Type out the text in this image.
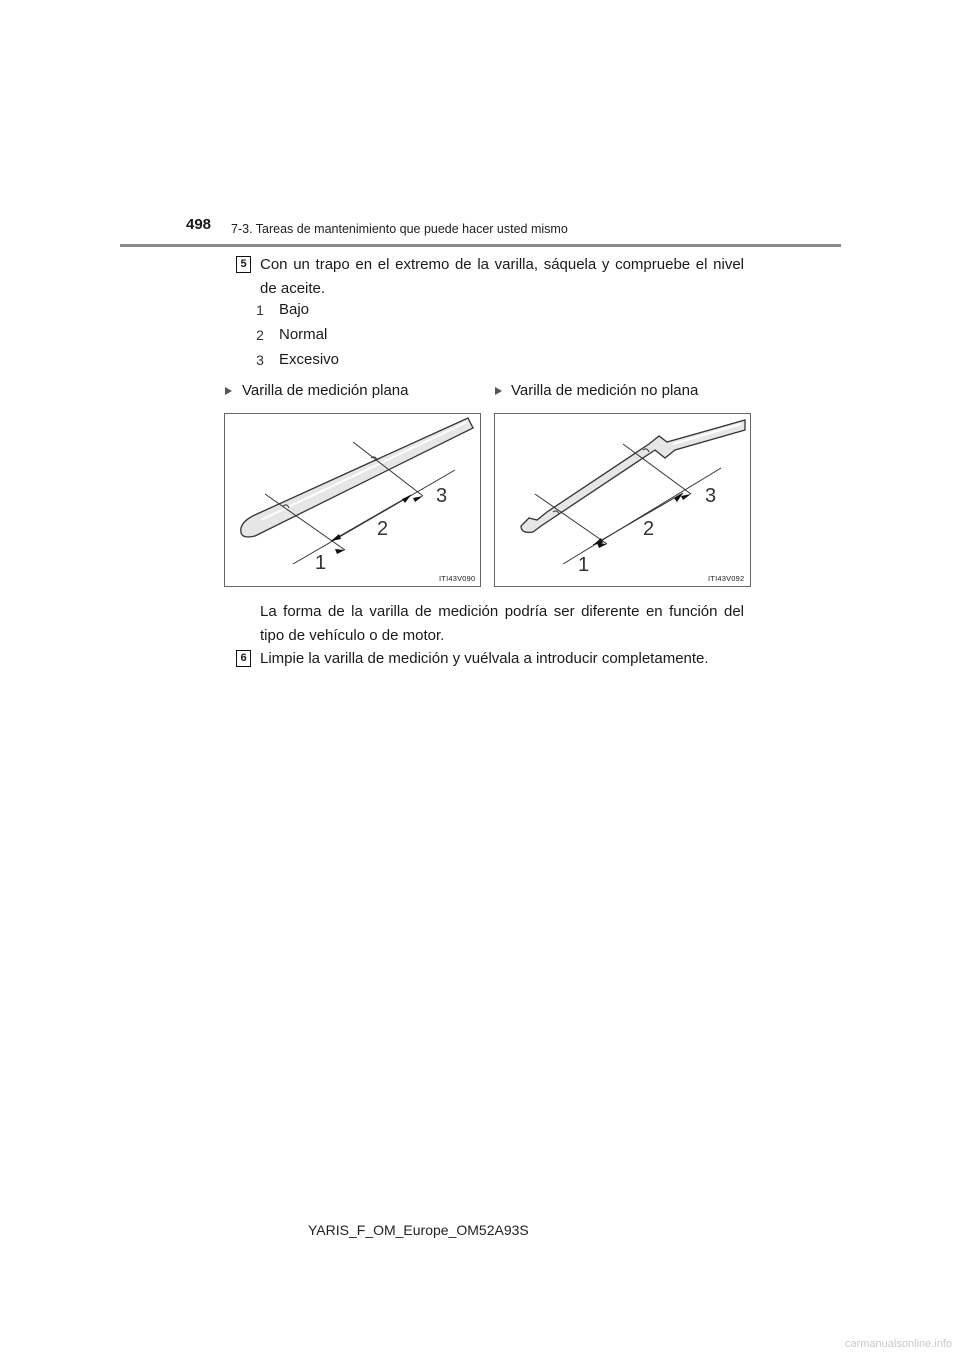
498 7-3. Tareas de mantenimiento que puede hacer usted mismo
5 Con un trapo en el extremo de la varilla, sáquela y compruebe el nivel
de aceite.
1 Bajo
2 Normal
3 Excesivo
Varilla de medición plana	Varilla de medición no plana
1
2
3
ITI43V090
1
2
3
ITI43V092
La forma de la varilla de medición podría ser diferente en función del
tipo de vehículo o de motor.
6 Limpie la varilla de medición y vuélvala a introducir completamente.
YARIS_F_OM_Europe_OM52A93S
carmanualsonline.info
